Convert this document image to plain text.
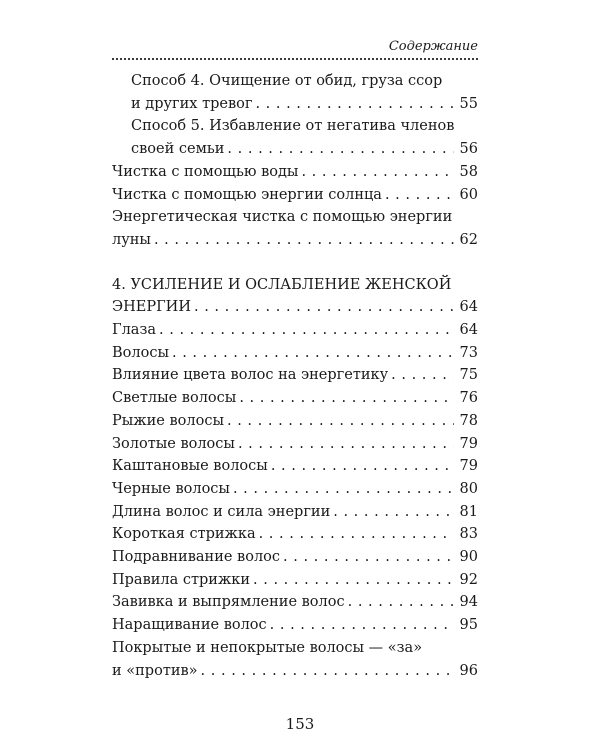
Содержание
Способ 4. Очищение от обид, груза ссор
и других тревог . . .	55
Способ 5. Избавление от негатива членов
своей семьи . . .	56
Чистка с помощью воды . . .	58
Чистка с помощью энергии солнца . . .	60
Энергетическая чистка с помощью энергии
луны . . .	62
4. УСИЛЕНИЕ И ОСЛАБЛЕНИЕ ЖЕНСКОЙ
ЭНЕРГИИ . . .	64
Глаза . . .	64
Волосы . . .	73
Влияние цвета волос на энергетику . . .	75
Светлые волосы . . .	76
Рыжие волосы . . .	78
Золотые волосы . . .	79
Каштановые волосы . . .	79
Черные волосы . . .	80
Длина волос и сила энергии . . .	81
Короткая стрижка . . .	83
Подравнивание волос . . .	90
Правила стрижки . . .	92
Завивка и выпрямление волос . . .	94
Наращивание волос . . .	95
Покрытые и непокрытые волосы — «за»
и «против» . . .	96
153
